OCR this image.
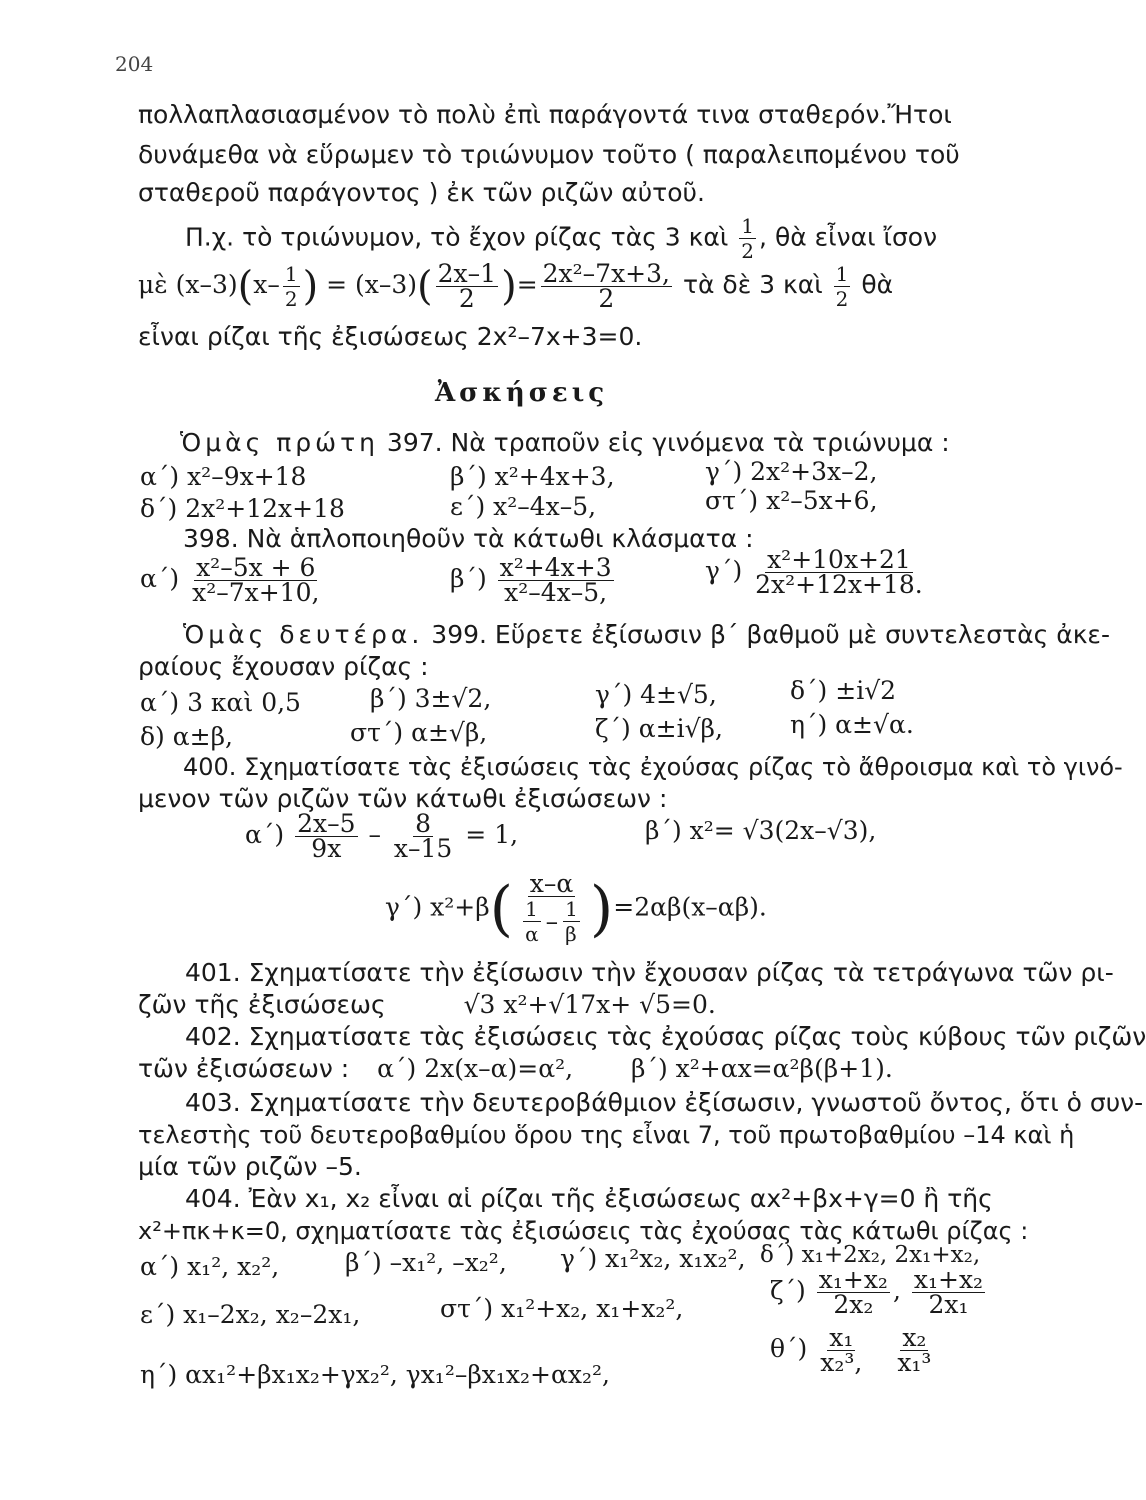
204
πολλαπλασιασμένον τὸ πολὺ ἐπὶ παράγοντά τινα σταθερόν.Ἤτοι
δυνάμεθα νὰ εὕρωμεν τὸ τριώνυμον τοῦτο ( παραλειπομένου τοῦ
σταθεροῦ παράγοντος ) ἐκ τῶν ριζῶν αὐτοῦ.
Π.χ. τὸ τριώνυμον, τὸ ἔχον ρίζας τὰς 3 καὶ $\frac{1}{2}$ , θὰ εἶναι ἴσον
μὲ $(x-3)(x- \frac{1}{2}$ ) = $(x-3)( \frac{2x-1}{2}$ )= $\frac{\text{2x²–7x+3,}}{2}$ τὰ δὲ 3 καὶ $\frac{1}{2}$ θὰ
εἶναι ρίζαι τῆς ἐξισώσεως 2x²–7x+3=0.
Ἀσκήσεις
Ὁμὰς πρώτη 397. Νὰ τραποῦν εἰς γινόμενα τὰ τριώνυμα :
α΄) x²–9x+18	β΄) x²+4x+3,	γ΄) 2x²+3x–2,
δ΄) 2x²+12x+18	ε΄) x²–4x–5,	στ΄) x²–5x+6,
398. Νὰ ἁπλοποιηθοῦν τὰ κάτωθι κλάσματα :
$\alpha΄) \frac{\text{x²–5x + 6}}{\text{x²–7x+10,}}$	$\beta΄) \frac{\text{x²+4x+3}}{\text{x²–4x–5,}}$	$\gamma΄) \frac{\text{x²+10x+21}}{\text{2x²+12x+18.}}$
Ὁμὰς δευτέρα. 399. Εὕρετε ἐξίσωσιν β΄ βαθμοῦ μὲ συντελεστὰς ἀκε-
ραίους ἔχουσαν ρίζας :
α΄) 3 καὶ 0,5	β΄) 3±√2,	γ΄) 4±√5,	δ΄) ±i√2
δ) α±β,	στ΄) α±√β,	ζ΄) α±i√β,	η΄) α±√α.
400. Σχηματίσατε τὰς ἐξισώσεις τὰς ἐχούσας ρίζας τὸ ἄθροισμα καὶ τὸ γινό-
μενον τῶν ριζῶν τῶν κάτωθι ἐξισώσεων :
$\alpha΄) \frac{2x-5}{9x} - \frac{8}{x-15} = 1$,	β΄) x²= √3(2x–√3),
γ΄) $x^2+\beta( \frac{x-\alpha}{\frac{1}{\alpha} - \frac{1}{\beta}} )=2\alpha\beta(x-\alpha\beta)$.
401. Σχηματίσατε τὴν ἐξίσωσιν τὴν ἔχουσαν ρίζας τὰ τετράγωνα τῶν ρι-
ζῶν τῆς ἐξισώσεως	√3 x²+√17x+ √5=0.
402. Σχηματίσατε τὰς ἐξισώσεις τὰς ἐχούσας ρίζας τοὺς κύβους τῶν ριζῶν
τῶν ἐξισώσεων : α΄) 2x(x–α)=α², β΄) x²+αx=α²β(β+1).
403. Σχηματίσατε τὴν δευτεροβάθμιον ἐξίσωσιν, γνωστοῦ ὄντος, ὅτι ὁ συν-
τελεστὴς τοῦ δευτεροβαθμίου ὅρου της εἶναι 7, τοῦ πρωτοβαθμίου –14 καὶ ἡ
μία τῶν ριζῶν –5.
404. Ἐὰν x₁, x₂ εἶναι αἱ ρίζαι τῆς ἐξισώσεως αx²+βx+γ=0 ἢ τῆς
x²+πκ+κ=0, σχηματίσατε τὰς ἐξισώσεις τὰς ἐχούσας τὰς κάτωθι ρίζας :
α΄) x₁², x₂²,	β΄) –x₁², –x₂², γ΄) x₁²x₂, x₁x₂², δ΄) x₁+2x₂, 2x₁+x₂,
ε΄) x₁–2x₂, x₂–2x₁,	στ΄) x₁²+x₂, x₁+x₂²,
$\zeta΄) \frac{\text{x₁+x₂}}{\text{2x₂}}$ , $\frac{\text{x₁+x₂}}{\text{2x₁}}$
η΄) αx₁²+βx₁x₂+γx₂², γx₁²–βx₁x₂+αx₂²,
$\theta΄) \frac{\text{x₁}}{\text{x₂³,}}$
$\frac{\text{x₂}}{\text{x₁³}}$
